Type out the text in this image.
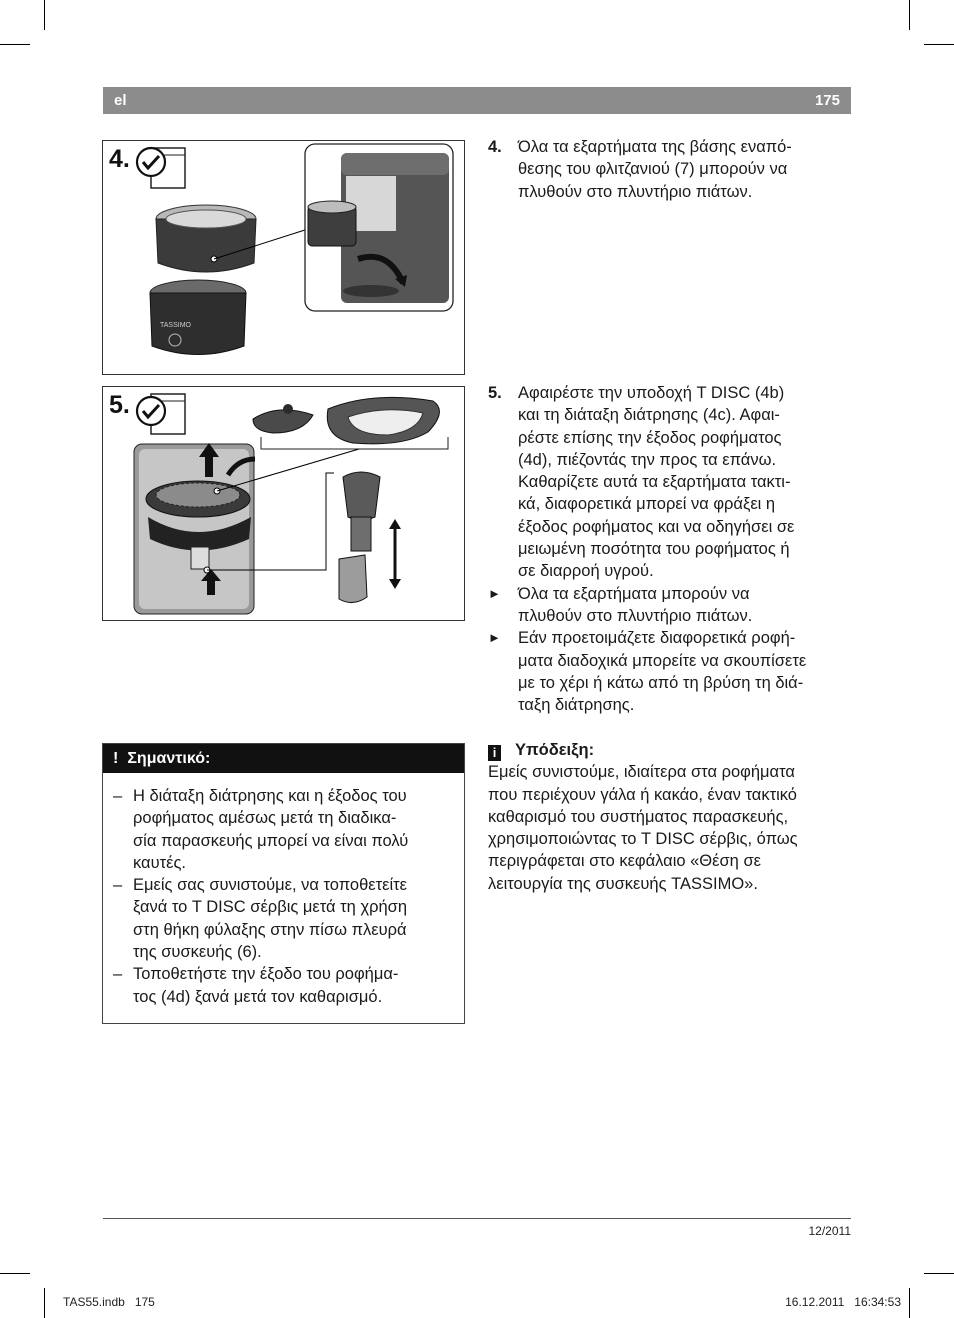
el	175
4.
TASSIMO
5.
4. Όλα τα εξαρτήματα της βάσης εναπό-
θεσης του φλιτζανιού (7) μπορούν να
πλυθούν στο πλυντήριο πιάτων.
5. Αφαιρέστε την υποδοχή T DISC (4b)
και τη διάταξη διάτρησης (4c). Αφαι-
ρέστε επίσης την έξοδος ροφήματος
(4d), πιέζοντάς την προς τα επάνω.
Καθαρίζετε αυτά τα εξαρτήματα τακτι-
κά, διαφορετικά μπορεί να φράξει η
έξοδος ροφήματος και να οδηγήσει σε
μειωμένη ποσότητα του ροφήματος ή
σε διαρροή υγρού.
► Όλα τα εξαρτήματα μπορούν να
πλυθούν στο πλυντήριο πιάτων.
► Εάν προετοιμάζετε διαφορετικά ροφή-
ματα διαδοχικά μπορείτε να σκουπίσετε
με το χέρι ή κάτω από τη βρύση τη διά-
ταξη διάτρησης.
i Υπόδειξη:
Εμείς συνιστούμε, ιδιαίτερα στα ροφήματα
που περιέχουν γάλα ή κακάο, έναν τακτικό
καθαρισμό του συστήματος παρασκευής,
χρησιμοποιώντας το T DISC σέρβις, όπως
περιγράφεται στο κεφάλαιο «Θέση σε
λειτουργία της συσκευής TASSIMO».
! Σημαντικό:
– Η διάταξη διάτρησης και η έξοδος του
ροφήματος αμέσως μετά τη διαδικα-
σία παρασκευής μπορεί να είναι πολύ
καυτές.
– Εμείς σας συνιστούμε, να τοποθετείτε
ξανά το T DISC σέρβις μετά τη χρήση
στη θήκη φύλαξης στην πίσω πλευρά
της συσκευής (6).
– Τοποθετήστε την έξοδο του ροφήμα-
τος (4d) ξανά μετά τον καθαρισμό.
12/2011
TAS55.indb   175	16.12.2011   16:34:53
